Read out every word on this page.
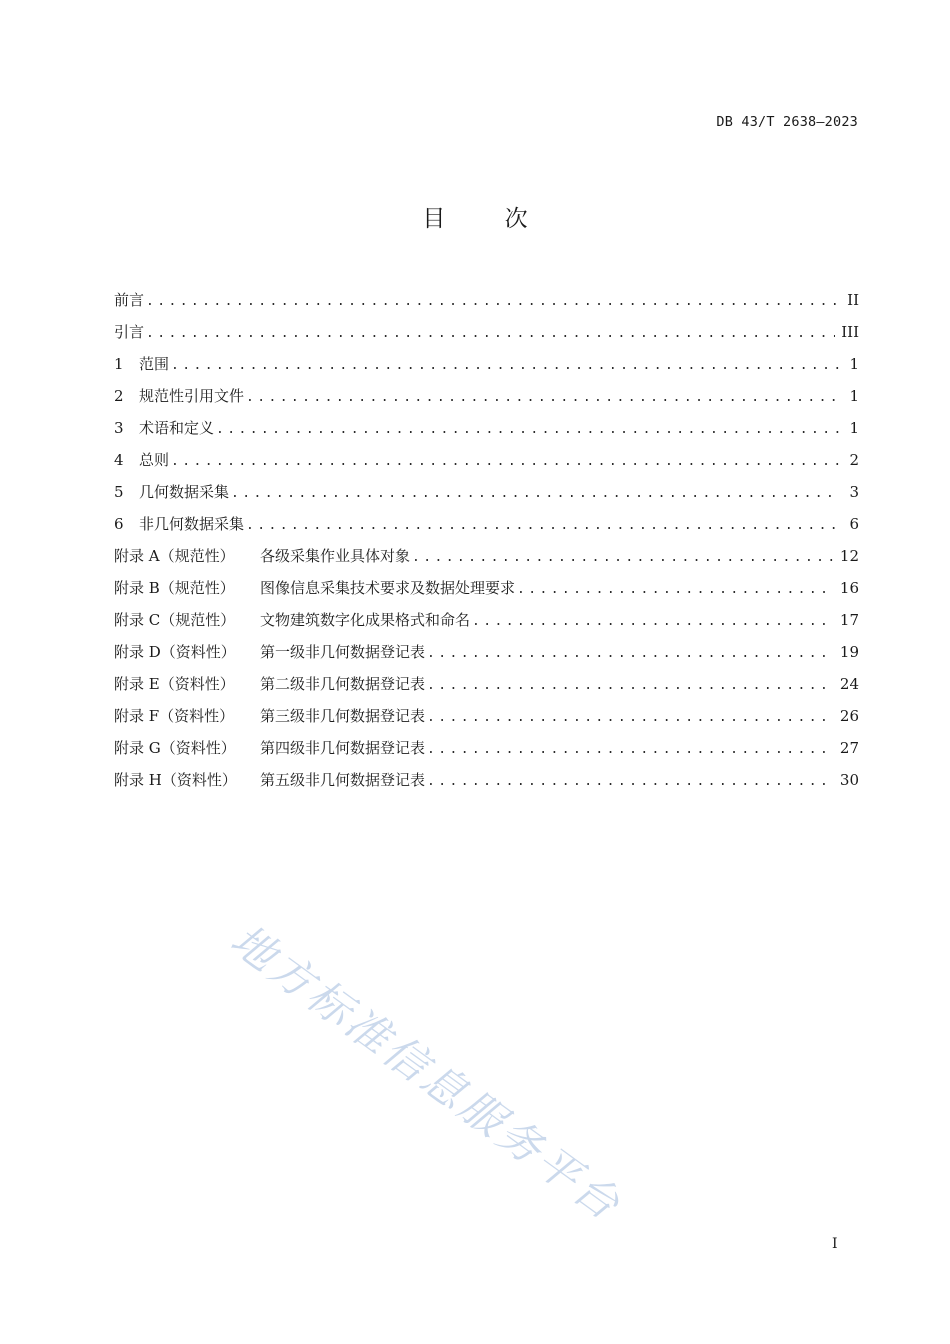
DB 43/T 2638—2023
目	次
前言 .....	II
引言 .....	III
1	范围 .....	1
2	规范性引用文件 .....	1
3	术语和定义 .....	1
4	总则 .....	2
5	几何数据采集 .....	3
6	非几何数据采集 .....	6
附录 A（规范性）	各级采集作业具体对象 .....	12
附录 B（规范性）	图像信息采集技术要求及数据处理要求 .....	16
附录 C（规范性）	文物建筑数字化成果格式和命名 .....	17
附录 D（资料性）	第一级非几何数据登记表 .....	19
附录 E（资料性）	第二级非几何数据登记表 .....	24
附录 F（资料性）	第三级非几何数据登记表 .....	26
附录 G（资料性）	第四级非几何数据登记表 .....	27
附录 H（资料性）	第五级非几何数据登记表 .....	30
I
地方标准信息服务平台
